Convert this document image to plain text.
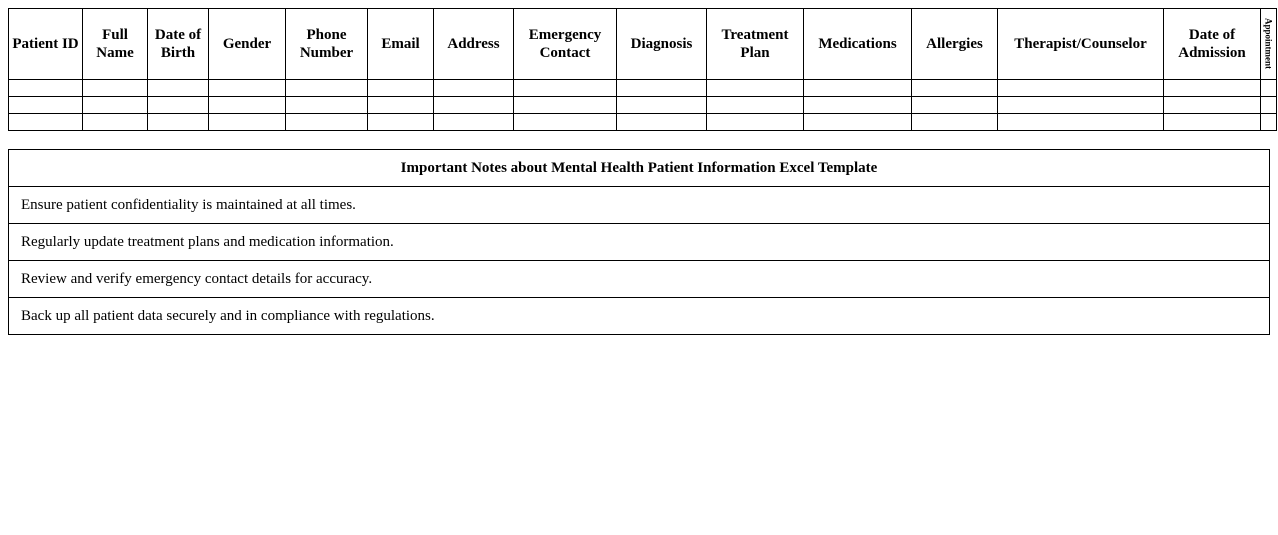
Patient ID	Full Name	Date of Birth	Gender	Phone Number	Email	Address	Emergency Contact	Diagnosis	Treatment Plan	Medications	Allergies	Therapist/Counselor	Date of Admission	Appointment

Important Notes about Mental Health Patient Information Excel Template
Ensure patient confidentiality is maintained at all times.
Regularly update treatment plans and medication information.
Review and verify emergency contact details for accuracy.
Back up all patient data securely and in compliance with regulations.
